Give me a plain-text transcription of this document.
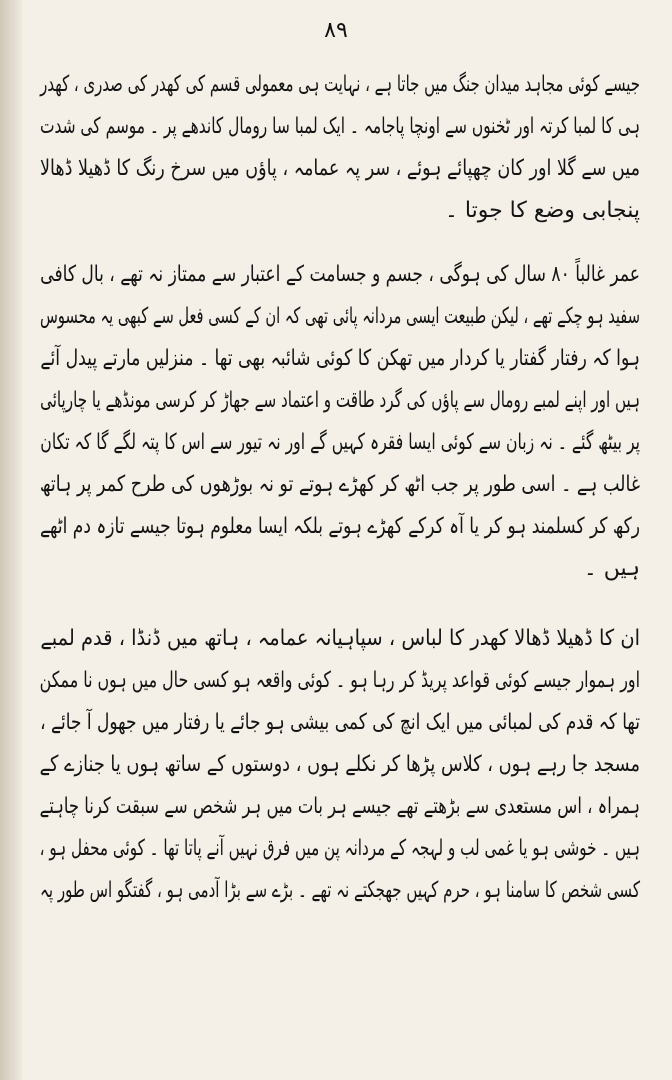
۸۹
جیسے کوئی مجاہد میدان جنگ میں جاتا ہے ، نہایت ہی معمولی قسم کی کھدر کی صدری ، کھدر
ہی کا لمبا کرتہ اور ٹخنوں سے اونچا پاجامہ ۔ ایک لمبا سا رومال کاندھے پر ۔ موسم کی شدت
میں سے گلا اور کان چھپائے ہوئے ، سر پہ عمامہ ، پاؤں میں سرخ رنگ کا ڈھیلا ڈھالا
پنجابی وضع کا جوتا ۔
عمر غالباً ۸۰ سال کی ہوگی ، جسم و جسامت کے اعتبار سے ممتاز نہ تھے ، بال کافی
سفید ہو چکے تھے ، لیکن طبیعت ایسی مردانہ پائی تھی کہ ان کے کسی فعل سے کبھی یہ محسوس
ہوا کہ رفتار گفتار یا کردار میں تھکن کا کوئی شائبہ بھی تھا ۔ منزلیں مارتے پیدل آئے
ہیں اور اپنے لمبے رومال سے پاؤں کی گرد طاقت و اعتماد سے جھاڑ کر کرسی مونڈھے یا چارپائی
پر بیٹھ گئے ۔ نہ زبان سے کوئی ایسا فقرہ کہیں گے اور نہ تیور سے اس کا پتہ لگے گا کہ تکان
غالب ہے ۔ اسی طور پر جب اٹھ کر کھڑے ہوتے تو نہ بوڑھوں کی طرح کمر پر ہاتھ
رکھ کر کسلمند ہو کر یا آہ کرکے کھڑے ہوتے بلکہ ایسا معلوم ہوتا جیسے تازہ دم اٹھے
ہیں ۔
ان کا ڈھیلا ڈھالا کھدر کا لباس ، سپاہیانہ عمامہ ، ہاتھ میں ڈنڈا ، قدم لمبے
اور ہموار جیسے کوئی قواعد پریڈ کر رہا ہو ۔ کوئی واقعہ ہو کسی حال میں ہوں نا ممکن
تھا کہ قدم کی لمبائی میں ایک انچ کی کمی بیشی ہو جائے یا رفتار میں جھول آ جائے ،
مسجد جا رہے ہوں ، کلاس پڑھا کر نکلے ہوں ، دوستوں کے ساتھ ہوں یا جنازے کے
ہمراہ ، اس مستعدی سے بڑھتے تھے جیسے ہر بات میں ہر شخص سے سبقت کرنا چاہتے
ہیں ۔ خوشی ہو یا غمی لب و لہجہ کے مردانہ پن میں فرق نہیں آنے پاتا تھا ۔ کوئی محفل ہو ،
کسی شخص کا سامنا ہو ، حرم کہیں جھجکتے نہ تھے ۔ بڑے سے بڑا آدمی ہو ، گفتگو اس طور پہ
